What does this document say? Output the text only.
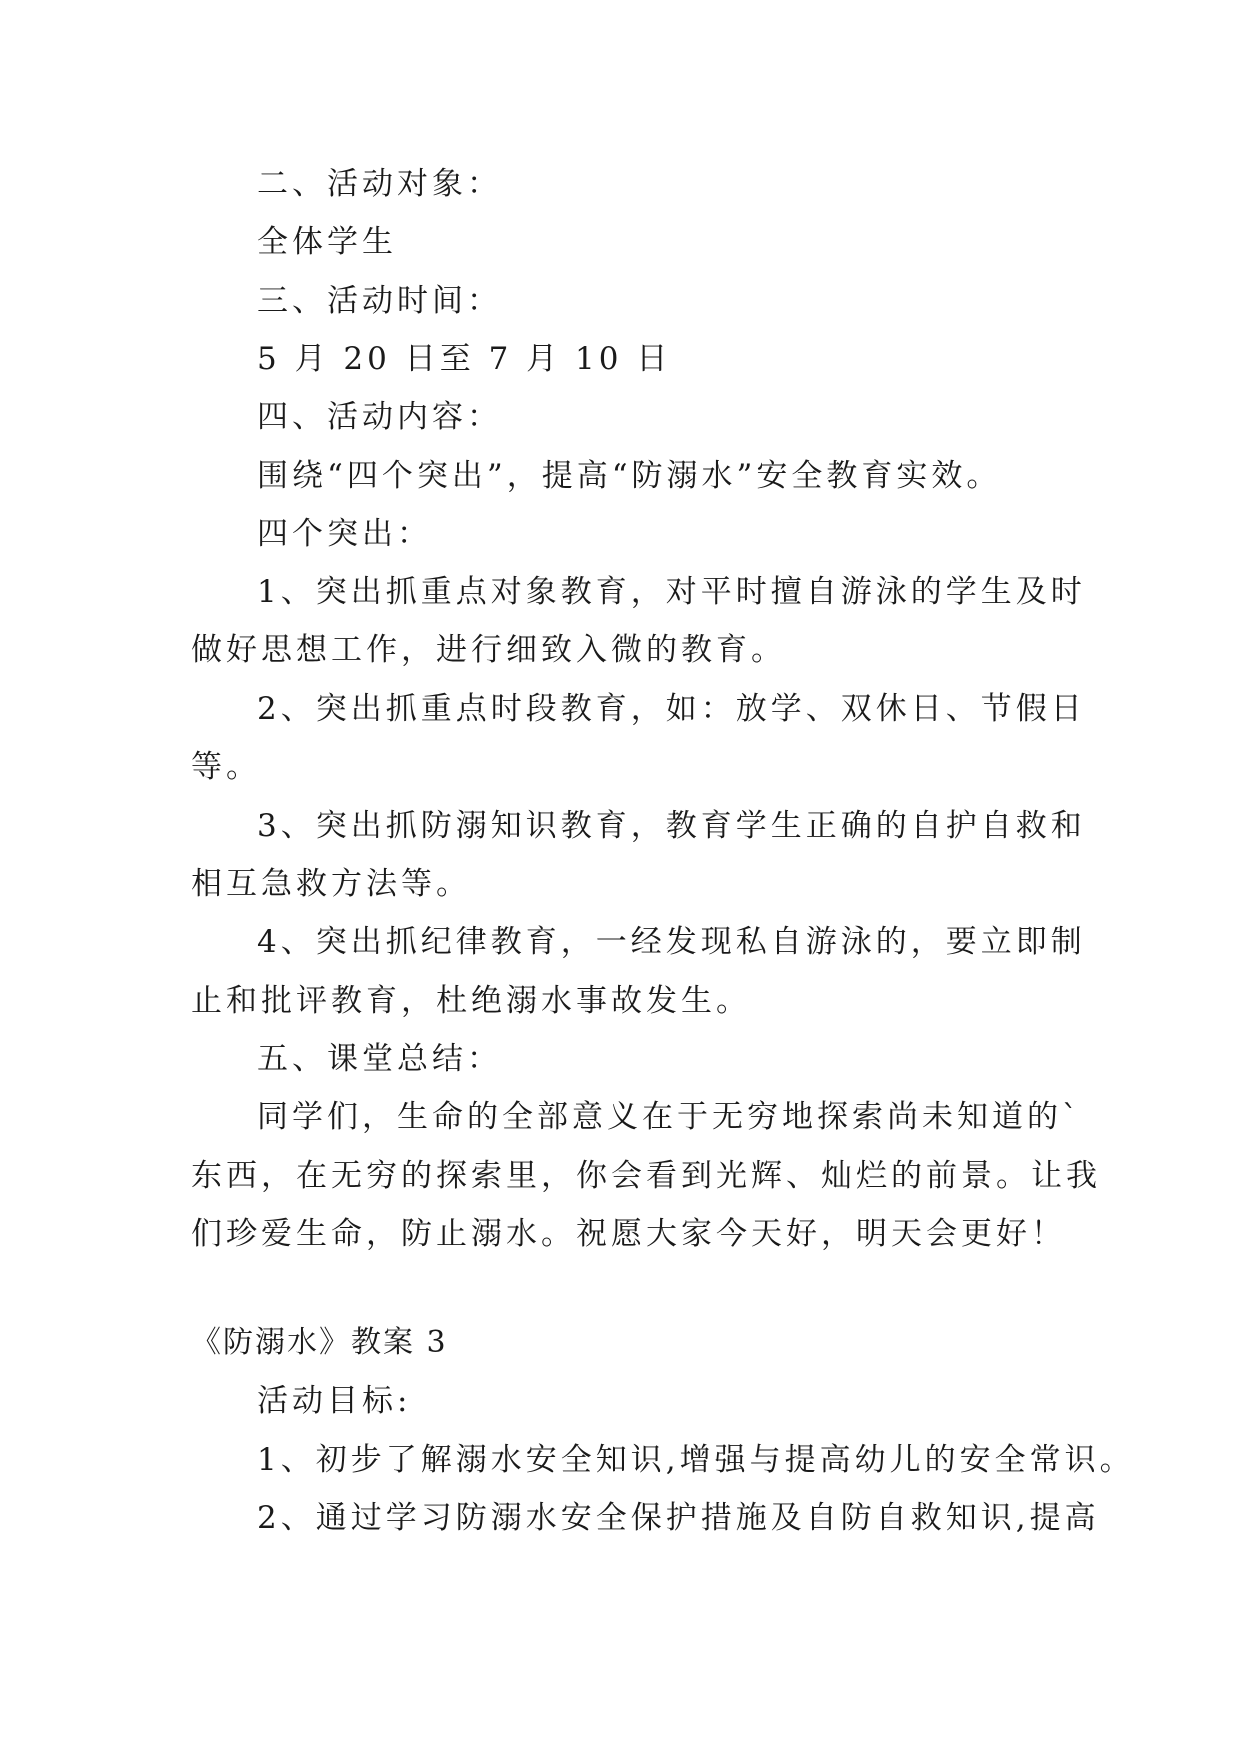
二、活动对象：
全体学生
三、活动时间：
5 月 20 日至 7 月 10 日
四、活动内容：
围绕“四个突出”，提高“防溺水”安全教育实效。
四个突出：
1、突出抓重点对象教育，对平时擅自游泳的学生及时
做好思想工作，进行细致入微的教育。
2、突出抓重点时段教育，如：放学、双休日、节假日
等。
3、突出抓防溺知识教育，教育学生正确的自护自救和
相互急救方法等。
4、突出抓纪律教育，一经发现私自游泳的，要立即制
止和批评教育，杜绝溺水事故发生。
五、课堂总结：
同学们，生命的全部意义在于无穷地探索尚未知道的`
东西，在无穷的探索里，你会看到光辉、灿烂的前景。让我
们珍爱生命，防止溺水。祝愿大家今天好，明天会更好！
《防溺水》教案 3
活动目标:
1、初步了解溺水安全知识,增强与提高幼儿的安全常识。
2、通过学习防溺水安全保护措施及自防自救知识,提高
